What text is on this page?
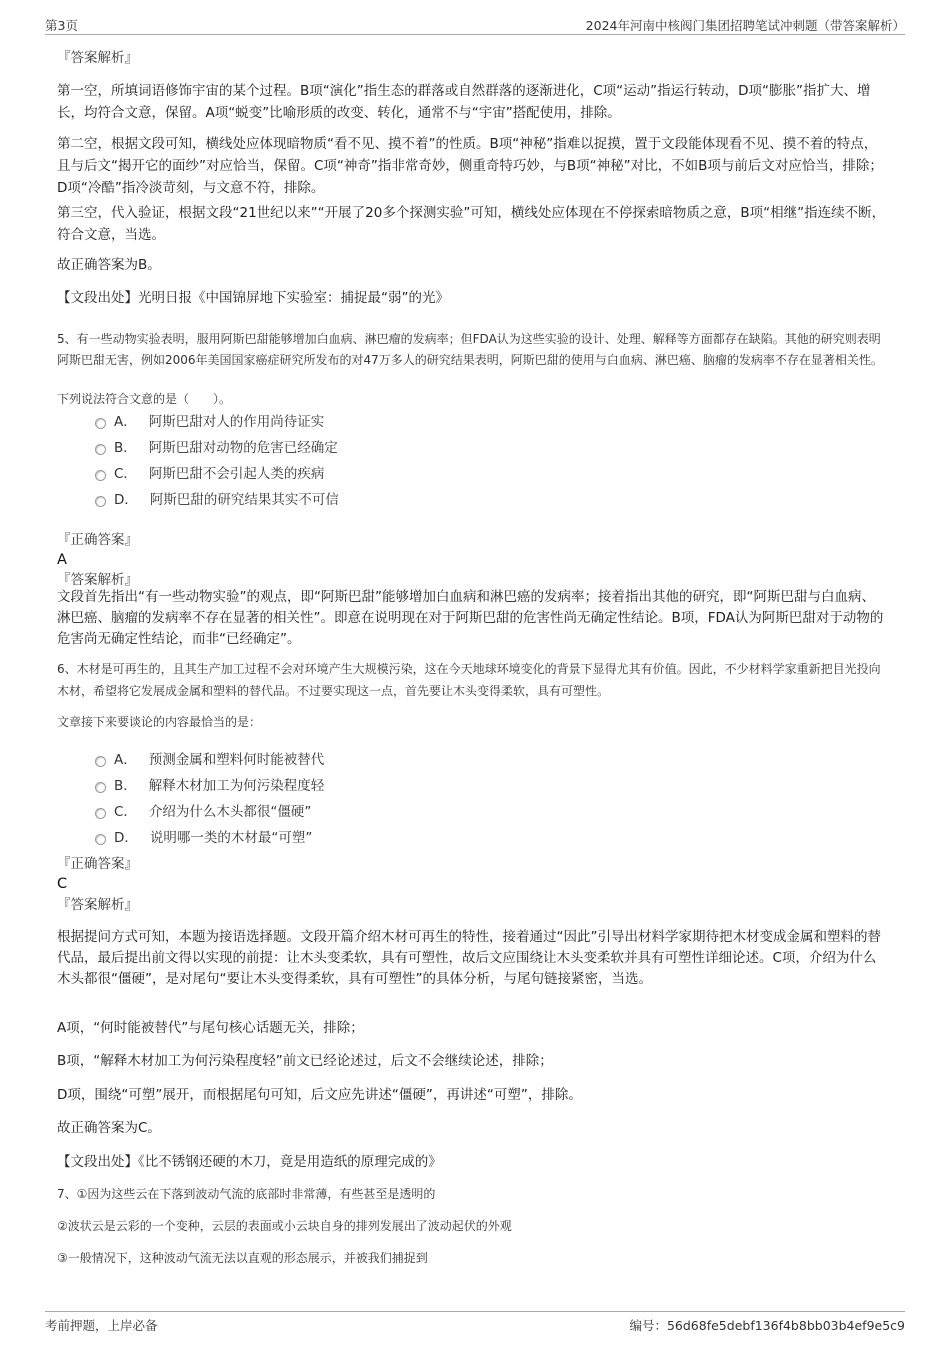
第3页	2024年河南中核阀门集团招聘笔试冲刺题（带答案解析）
『答案解析』
第一空，所填词语修饰宇宙的某个过程。B项“演化”指生态的群落或自然群落的逐渐进化，C项“运动”指运行转动，D项“膨胀”指扩大、增长，均符合文意，保留。A项“蜕变”比喻形质的改变、转化，通常不与“宇宙”搭配使用，排除。
第二空，根据文段可知，横线处应体现暗物质“看不见、摸不着”的性质。B项“神秘”指难以捉摸，置于文段能体现看不见、摸不着的特点，且与后文“揭开它的面纱”对应恰当，保留。C项“神奇”指非常奇妙，侧重奇特巧妙，与B项“神秘”对比，不如B项与前后文对应恰当，排除；D项“冷酷”指冷淡苛刻，与文意不符，排除。
第三空，代入验证，根据文段“21世纪以来”“开展了20多个探测实验”可知，横线处应体现在不停探索暗物质之意，B项“相继”指连续不断，符合文意，当选。
故正确答案为B。
【文段出处】光明日报《中国锦屏地下实验室：捕捉最“弱”的光》
5、有一些动物实验表明，服用阿斯巴甜能够增加白血病、淋巴瘤的发病率；但FDA认为这些实验的设计、处理、解释等方面都存在缺陷。其他的研究则表明阿斯巴甜无害，例如2006年美国国家癌症研究所发布的对47万多人的研究结果表明，阿斯巴甜的使用与白血病、淋巴癌、脑瘤的发病率不存在显著相关性。
下列说法符合文意的是（　　）。
A． 阿斯巴甜对人的作用尚待证实
B． 阿斯巴甜对动物的危害已经确定
C． 阿斯巴甜不会引起人类的疾病
D． 阿斯巴甜的研究结果其实不可信
『正确答案』
A
『答案解析』
文段首先指出“有一些动物实验”的观点，即“阿斯巴甜”能够增加白血病和淋巴癌的发病率；接着指出其他的研究，即“阿斯巴甜与白血病、淋巴癌、脑瘤的发病率不存在显著的相关性”。即意在说明现在对于阿斯巴甜的危害性尚无确定性结论。B项，FDA认为阿斯巴甜对于动物的危害尚无确定性结论，而非“已经确定”。
6、木材是可再生的，且其生产加工过程不会对环境产生大规模污染，这在今天地球环境变化的背景下显得尤其有价值。因此，不少材料学家重新把目光投向木材，希望将它发展成金属和塑料的替代品。不过要实现这一点，首先要让木头变得柔软，具有可塑性。
文章接下来要谈论的内容最恰当的是：
A． 预测金属和塑料何时能被替代
B． 解释木材加工为何污染程度轻
C． 介绍为什么木头都很“僵硬”
D． 说明哪一类的木材最“可塑”
『正确答案』
C
『答案解析』
根据提问方式可知，本题为接语选择题。文段开篇介绍木材可再生的特性，接着通过“因此”引导出材料学家期待把木材变成金属和塑料的替代品，最后提出前文得以实现的前提：让木头变柔软，具有可塑性，故后文应围绕让木头变柔软并具有可塑性详细论述。C项，介绍为什么木头都很“僵硬”，是对尾句“要让木头变得柔软，具有可塑性”的具体分析，与尾句链接紧密，当选。
A项，“何时能被替代”与尾句核心话题无关，排除；
B项，“解释木材加工为何污染程度轻”前文已经论述过，后文不会继续论述，排除；
D项，围绕“可塑”展开，而根据尾句可知，后文应先讲述“僵硬”，再讲述“可塑”，排除。
故正确答案为C。
【文段出处】《比不锈钢还硬的木刀，竟是用造纸的原理完成的》
7、①因为这些云在下落到波动气流的底部时非常薄，有些甚至是透明的
②波状云是云彩的一个变种，云层的表面或小云块自身的排列发展出了波动起伏的外观
③一般情况下，这种波动气流无法以直观的形态展示，并被我们捕捉到
考前押题，上岸必备	编号：56d68fe5debf136f4b8bb03b4ef9e5c9
